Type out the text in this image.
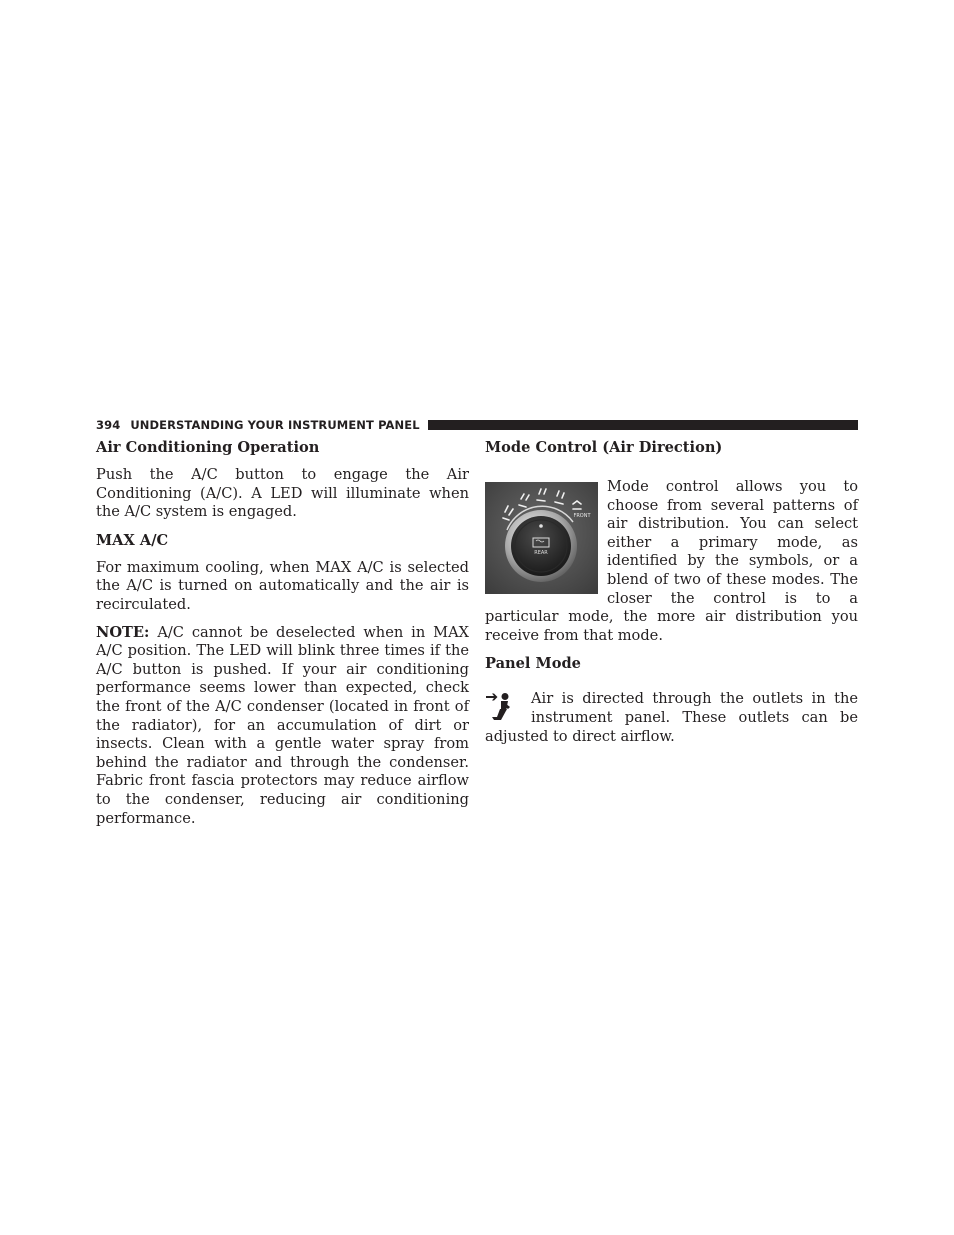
394 UNDERSTANDING YOUR INSTRUMENT PANEL
Air Conditioning Operation

Push the A/C button to engage the Air Conditioning (A/C). A LED will illuminate when the A/C system is engaged.

MAX A/C

For maximum cooling, when MAX A/C is selected the A/C is turned on automatically and the air is recirculated.

NOTE: A/C cannot be deselected when in MAX A/C position. The LED will blink three times if the A/C button is pushed. If your air conditioning performance seems lower than expected, check the front of the A/C condenser (located in front of the radiator), for an accumulation of dirt or insects. Clean with a gentle water spray from behind the radiator and through the condenser. Fabric front fascia protectors may reduce airflow to the condenser, reducing air conditioning performance.

Mode Control (Air Direction)
REAR
FRONT

Mode control allows you to choose from several patterns of air distribution. You can select either a primary mode, as identified by the symbols, or a blend of two of these modes. The closer the control is to a particular mode, the more air distribution you receive from that mode.

Panel Mode

Air is directed through the outlets in the instrument panel. These outlets can be adjusted to direct airflow.
